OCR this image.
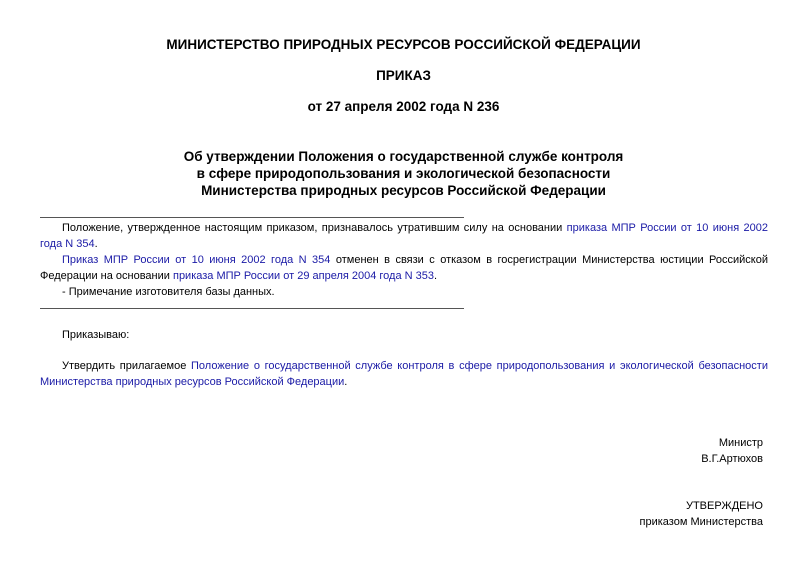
МИНИСТЕРСТВО ПРИРОДНЫХ РЕСУРСОВ РОССИЙСКОЙ ФЕДЕРАЦИИ
ПРИКАЗ
от 27 апреля 2002 года N 236
Об утверждении Положения о государственной службе контроля
в сфере природопользования и экологической безопасности
Министерства природных ресурсов Российской Федерации

Положение, утвержденное настоящим приказом, признавалось утратившим силу на основании приказа МПР России от 10 июня 2002 года N 354.

Приказ МПР России от 10 июня 2002 года N 354 отменен в связи с отказом в госрегистрации Министерства юстиции Российской Федерации на основании приказа МПР России от 29 апреля 2004 года N 353.

- Примечание изготовителя базы данных.

Приказываю:

Утвердить прилагаемое Положение о государственной службе контроля в сфере природопользования и экологической безопасности Министерства природных ресурсов Российской Федерации.

Министр
В.Г.Артюхов
УТВЕРЖДЕНО
приказом Министерства
